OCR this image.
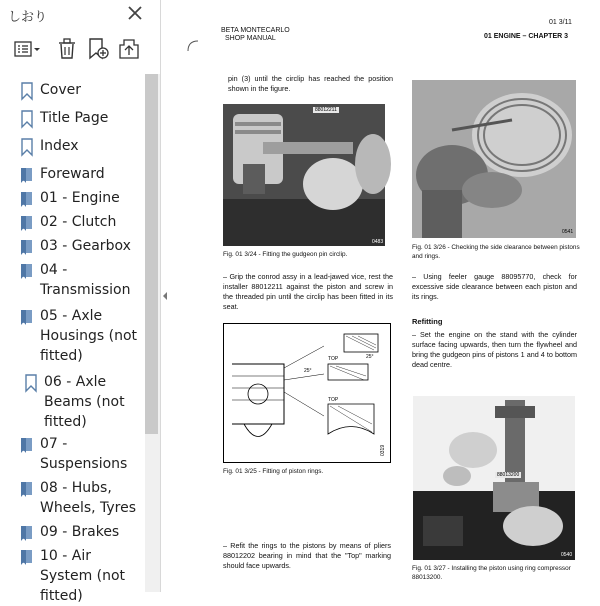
しおり
Cover
Title Page
Index
Foreward
01 - Engine
02 - Clutch
03 - Gearbox
04 - Transmission
05 - Axle Housings (not fitted)
06 - Axle Beams (not fitted)
07 - Suspensions
08 - Hubs, Wheels, Tyres
09 - Brakes
10 - Air System (not fitted)
BETA MONTECARLO
SHOP MANUAL
01 3/11
01 ENGINE – CHAPTER 3
pin (3) until the circlip has reached the position shown in the figure.
88012211
0483
Fig. 01 3/24 - Fitting the gudgeon pin circlip.
– Grip the conrod assy in a lead-jawed vice, rest the installer 88012211 against the piston and screw in the threaded pin until the circlip has been fitted in its seat.
25°
25°
TOP
TOP
0319
Fig. 01 3/25 - Fitting of piston rings.
– Refit the rings to the pistons by means of pliers 88012202 bearing in mind that the "Top" marking should face upwards.
0541
Fig. 01 3/26 - Checking the side clearance between pistons and rings.
– Using feeler gauge 88095770, check for excessive side clearance between each piston and its rings.
Refitting
– Set the engine on the stand with the cylinder surface facing upwards, then turn the flywheel and bring the gudgeon pins of pistons 1 and 4 to bottom dead centre.
88013200
0540
Fig. 01 3/27 - Installing the piston using ring compressor 88013200.
